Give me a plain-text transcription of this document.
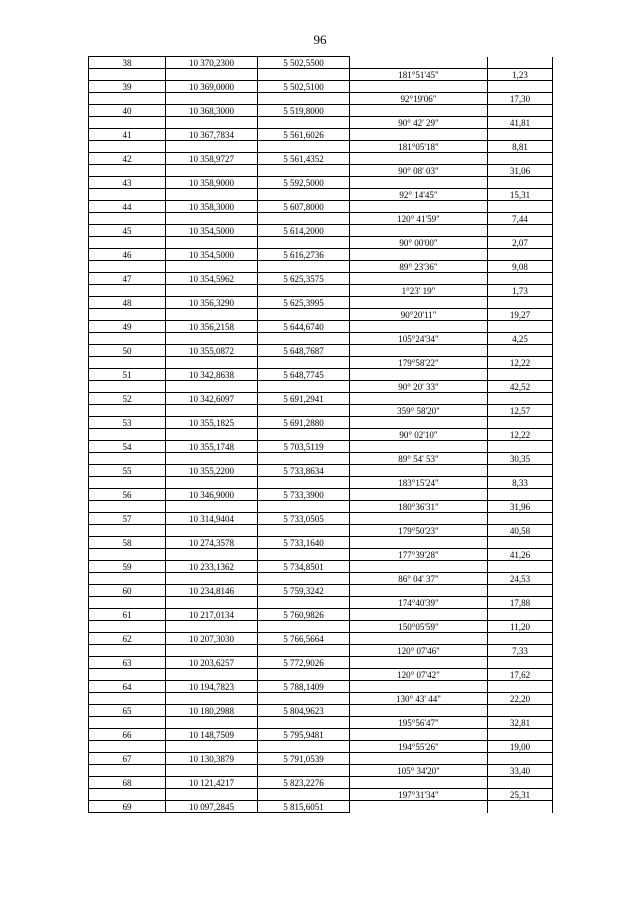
96
38	10 370,2300	5 502,5500		
			181°51'45"	1,23
39	10 369,0000	5 502,5100		
			92°19'06"	17,30
40	10 368,3000	5 519,8000		
			90° 42' 29"	41,81
41	10 367,7834	5 561,6026		
			181°05'18"	8,81
42	10 358,9727	5 561,4352		
			90° 08' 03"	31,06
43	10 358,9000	5 592,5000		
			92° 14'45"	15,31
44	10 358,3000	5 607,8000		
			120° 41'59"	7,44
45	10 354,5000	5 614,2000		
			90° 00'00"	2,07
46	10 354,5000	5 616,2736		
			89° 23'36"	9,08
47	10 354,5962	5 625,3575		
			1°23' 19"	1,73
48	10 356,3290	5 625,3995		
			90°20'11"	19,27
49	10 356,2158	5 644,6740		
			105°24'34"	4,25
50	10 355,0872	5 648,7687		
			179°58'22"	12,22
51	10 342,8638	5 648,7745		
			90° 20' 33"	42,52
52	10 342,6097	5 691,2941		
			359° 58'20"	12,57
53	10 355,1825	5 691,2880		
			90° 02'10"	12,22
54	10 355,1748	5 703,5119		
			89° 54' 53"	30,35
55	10 355,2200	5 733,8634		
			183°15'24"	8,33
56	10 346,9000	5 733,3900		
			180°36'31"	31,96
57	10 314,9404	5 733,0505		
			179°50'23"	40,58
58	10 274,3578	5 733,1640		
			177°39'28"	41,26
59	10 233,1362	5 734,8501		
			86° 04' 37"	24,53
60	10 234,8146	5 759,3242		
			174°40'39"	17,88
61	10 217,0134	5 760,9826		
			150°05'59"	11,20
62	10 207,3030	5 766,5664		
			120° 07'46"	7,33
63	10 203,6257	5 772,9026		
			120° 07'42"	17,62
64	10 194,7823	5 788,1409		
			130° 43' 44"	22,20
65	10 180,2988	5 804,9623		
			195°56'47"	32,81
66	10 148,7509	5 795,9481		
			194°55'26"	19,00
67	10 130,3879	5 791,0539		
			105° 34'20"	33,40
68	10 121,4217	5 823,2276		
			197°31'34"	25,31
69	10 097,2845	5 815,6051		
